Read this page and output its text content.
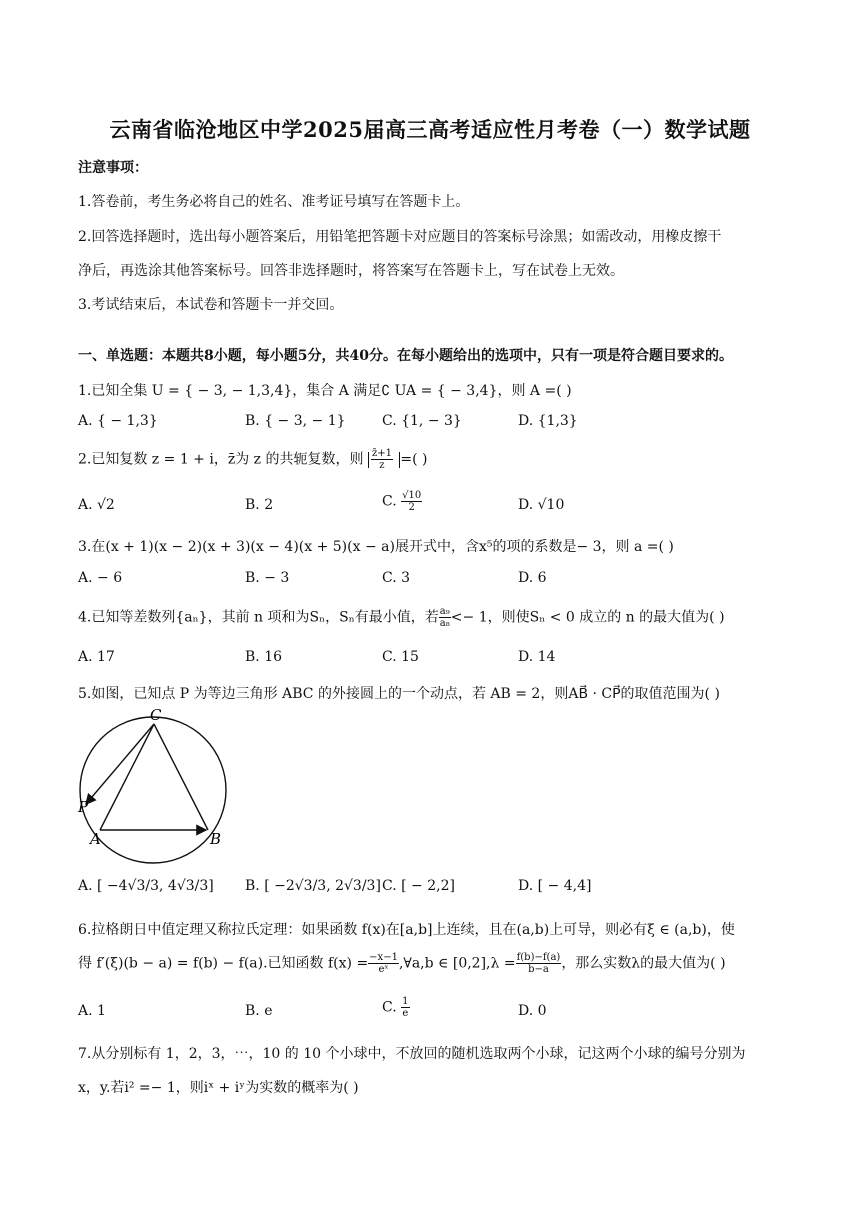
云南省临沧地区中学2025届高三高考适应性月考卷（一）数学试题
注意事项：
1.答卷前，考生务必将自己的姓名、准考证号填写在答题卡上。
2.回答选择题时，选出每小题答案后，用铅笔把答题卡对应题目的答案标号涂黑；如需改动，用橡皮擦干
净后，再选涂其他答案标号。回答非选择题时，将答案写在答题卡上，写在试卷上无效。
3.考试结束后，本试卷和答题卡一并交回。
一、单选题：本题共8小题，每小题5分，共40分。在每小题给出的选项中，只有一项是符合题目要求的。
1.已知全集 U = { − 3, − 1,3,4}，集合 A 满足∁ UA = { − 3,4}，则 A =( )
A. { − 1,3}	B. { − 3, − 1}	C. {1, − 3}	D. {1,3}
2.已知复数 z = 1 + i，z̄为 z 的共轭复数，则 $\frac{z̄+1}{z}$ =( )
A. √2	B. 2	C. $\frac{√10}{2}$	D. √10
3.在(x + 1)(x − 2)(x + 3)(x − 4)(x + 5)(x − a)展开式中，含x⁵的项的系数是− 3，则 a =( )
A. − 6	B. − 3	C. 3	D. 6
4.已知等差数列{aₙ}，其前 n 项和为Sₙ，Sₙ有最小值，若 $\frac{\text{a₉}}{\text{a₈}} <- 1$，则使Sₙ < 0 成立的 n 的最大值为( )
A. 17	B. 16	C. 15	D. 14
5.如图，已知点 P 为等边三角形 ABC 的外接圆上的一个动点，若 AB = 2，则AB⃗ · CP⃗的取值范围为( )
C
P
A	B
A. [ −4√3/3, 4√3/3] B. [ −2√3/3, 2√3/3] C. [ − 2,2]	D. [ − 4,4]
6.拉格朗日中值定理又称拉氏定理：如果函数 f(x)在[a,b]上连续，且在(a,b)上可导，则必有ξ ∈ (a,b)，使
得 f′(ξ)(b − a) = f(b) − f(a).已知函数 $f(x) = \frac{-x-1}{\text{eˣ}}$ ,∀a,b ∈ $[0,2],\lambda = \frac{f(b)-f(a)}{b-a}$ ，那么实数λ的最大值为( )
A. 1	B. e	C. $\frac{1}{e}$	D. 0
7.从分别标有 1，2，3，⋯，10 的 10 个小球中，不放回的随机选取两个小球，记这两个小球的编号分别为
x，y.若i² =− 1，则iˣ + iʸ为实数的概率为( )
